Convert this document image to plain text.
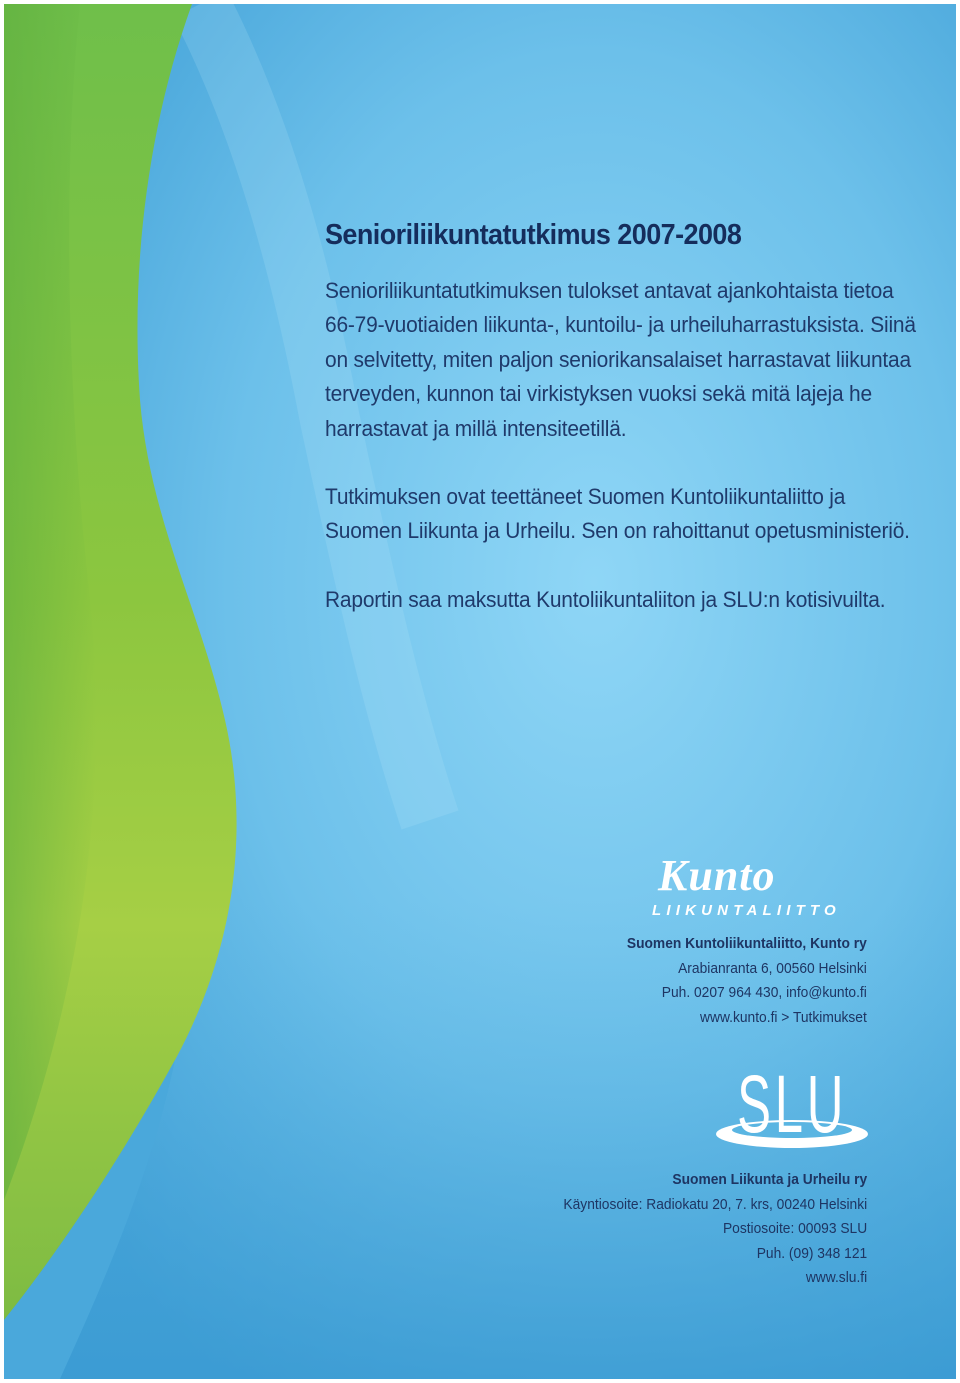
Senioriliikuntatutkimus 2007-2008

Senioriliikuntatutkimuksen tulokset antavat ajankohtaista tietoa 66-79-vuotiaiden liikunta-, kuntoilu- ja urheiluharrastuksista. Siinä on selvitetty, miten paljon seniorikansalaiset harrastavat liikuntaa terveyden, kunnon tai virkistyksen vuoksi sekä mitä lajeja he harrastavat ja millä intensiteetillä.

Tutkimuksen ovat teettäneet Suomen Kuntoliikuntaliitto ja Suomen Liikunta ja Urheilu. Sen on rahoittanut opetusministeriö.

Raportin saa maksutta Kuntoliikuntaliiton ja SLU:n kotisivuilta.

Kunto
LIIKUNTALIITTO
Suomen Kuntoliikuntaliitto, Kunto ry
Arabianranta 6, 00560 Helsinki
Puh. 0207 964 430, info@kunto.fi
www.kunto.fi > Tutkimukset
SLU
Suomen Liikunta ja Urheilu ry
Käyntiosoite: Radiokatu 20, 7. krs, 00240 Helsinki
Postiosoite: 00093 SLU
Puh. (09) 348 121
www.slu.fi
